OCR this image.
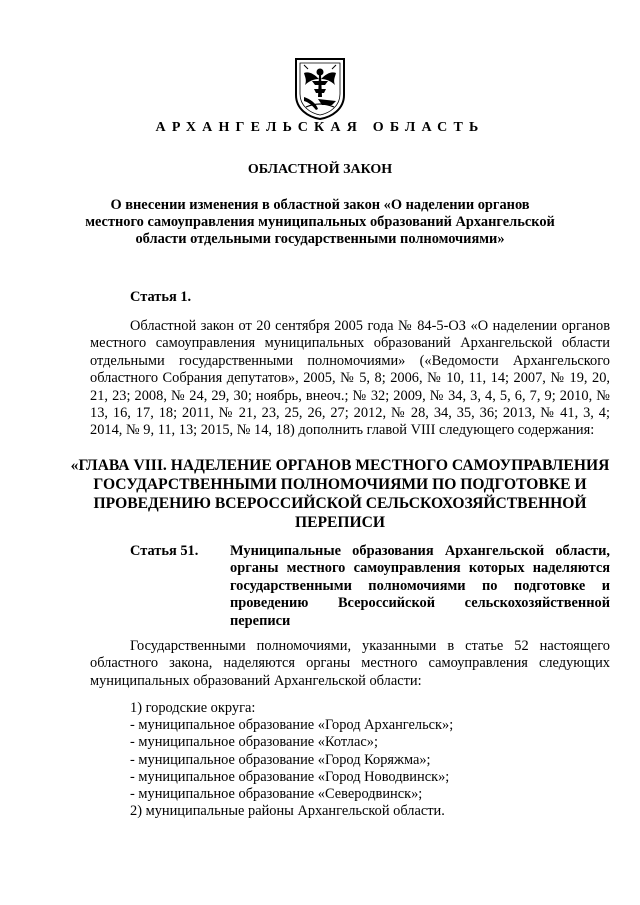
АРХАНГЕЛЬСКАЯ ОБЛАСТЬ
ОБЛАСТНОЙ ЗАКОН
О внесении изменения в областной закон «О наделении органов местного самоуправления муниципальных образований Архангельской области отдельными государственными полномочиями»
Статья 1.
Областной закон от 20 сентября 2005 года № 84-5-ОЗ «О наделении органов местного самоуправления муниципальных образований Архангельской области отдельными государственными полномочиями» («Ведомости Архангельского областного Собрания депутатов», 2005, № 5, 8; 2006, № 10, 11, 14; 2007, № 19, 20, 21, 23; 2008, № 24, 29, 30; ноябрь, внеоч.; № 32; 2009, № 34, 3, 4, 5, 6, 7, 9; 2010, № 13, 16, 17, 18; 2011, № 21, 23, 25, 26, 27; 2012, № 28, 34, 35, 36; 2013, № 41, 3, 4; 2014, № 9, 11, 13; 2015, № 14, 18) дополнить главой VIII следующего содержания:
«ГЛАВА VIII. НАДЕЛЕНИЕ ОРГАНОВ МЕСТНОГО САМОУПРАВЛЕНИЯ ГОСУДАРСТВЕННЫМИ ПОЛНОМОЧИЯМИ ПО ПОДГОТОВКЕ И ПРОВЕДЕНИЮ ВСЕРОССИЙСКОЙ СЕЛЬСКОХОЗЯЙСТВЕННОЙ ПЕРЕПИСИ
Статья 51. Муниципальные образования Архангельской области, органы местного самоуправления которых наделяются государственными полномочиями по подготовке и проведению Всероссийской сельскохозяйственной переписи
Государственными полномочиями, указанными в статье 52 настоящего областного закона, наделяются органы местного самоуправления следующих муниципальных образований Архангельской области:
1) городские округа:
- муниципальное образование «Город Архангельск»;
- муниципальное образование «Котлас»;
- муниципальное образование «Город Коряжма»;
- муниципальное образование «Город Новодвинск»;
- муниципальное образование «Северодвинск»;
2) муниципальные районы Архангельской области.
